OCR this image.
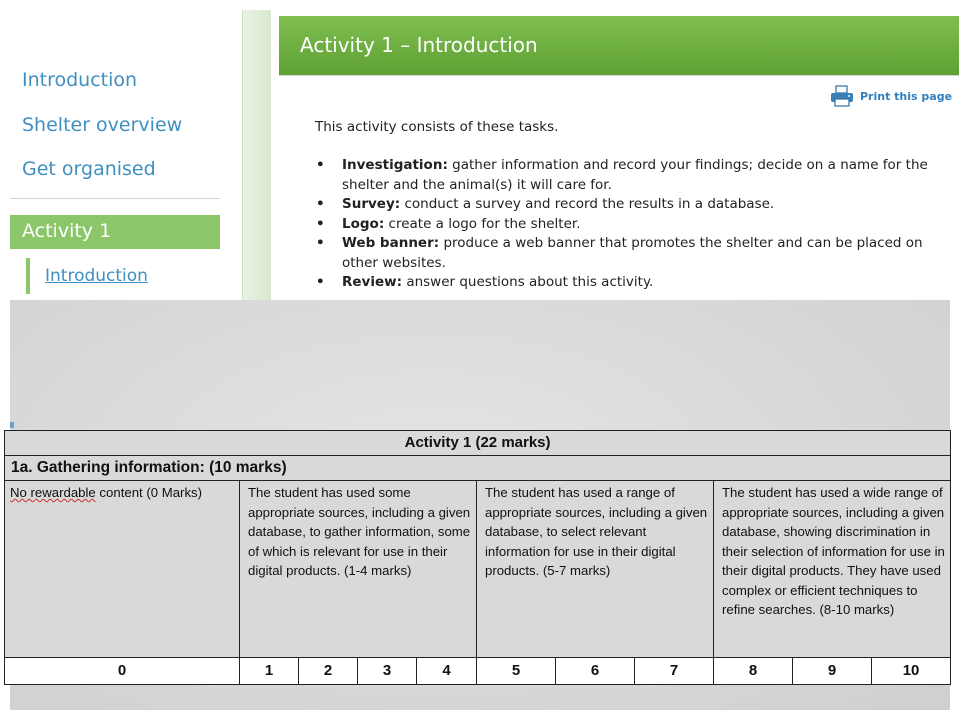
Introduction
Shelter overview
Get organised
Activity 1
Introduction
Activity 1 – Introduction
Print this page
This activity consists of these tasks.
• Investigation: gather information and record your findings; decide on a name for the shelter and the animal(s) it will care for.
• Survey: conduct a survey and record the results in a database.
• Logo: create a logo for the shelter.
• Web banner: produce a web banner that promotes the shelter and can be placed on other websites.
• Review: answer questions about this activity.
Activity 1 (22 marks)										
1a. Gathering information: (10 marks)										
No rewardable content (0 Marks)	The student has used some appropriate sources, including a given database, to gather information, some of which is relevant for use in their digital products. (1-4 marks)				The student has used a range of appropriate sources, including a given database, to select relevant information for use in their digital products. (5-7 marks)			The student has used a wide range of appropriate sources, including a given database, showing discrimination in their selection of information for use in their digital products. They have used complex or efficient techniques to refine searches. (8-10 marks)		
0	1	2	3	4	5	6	7	8	9	10
